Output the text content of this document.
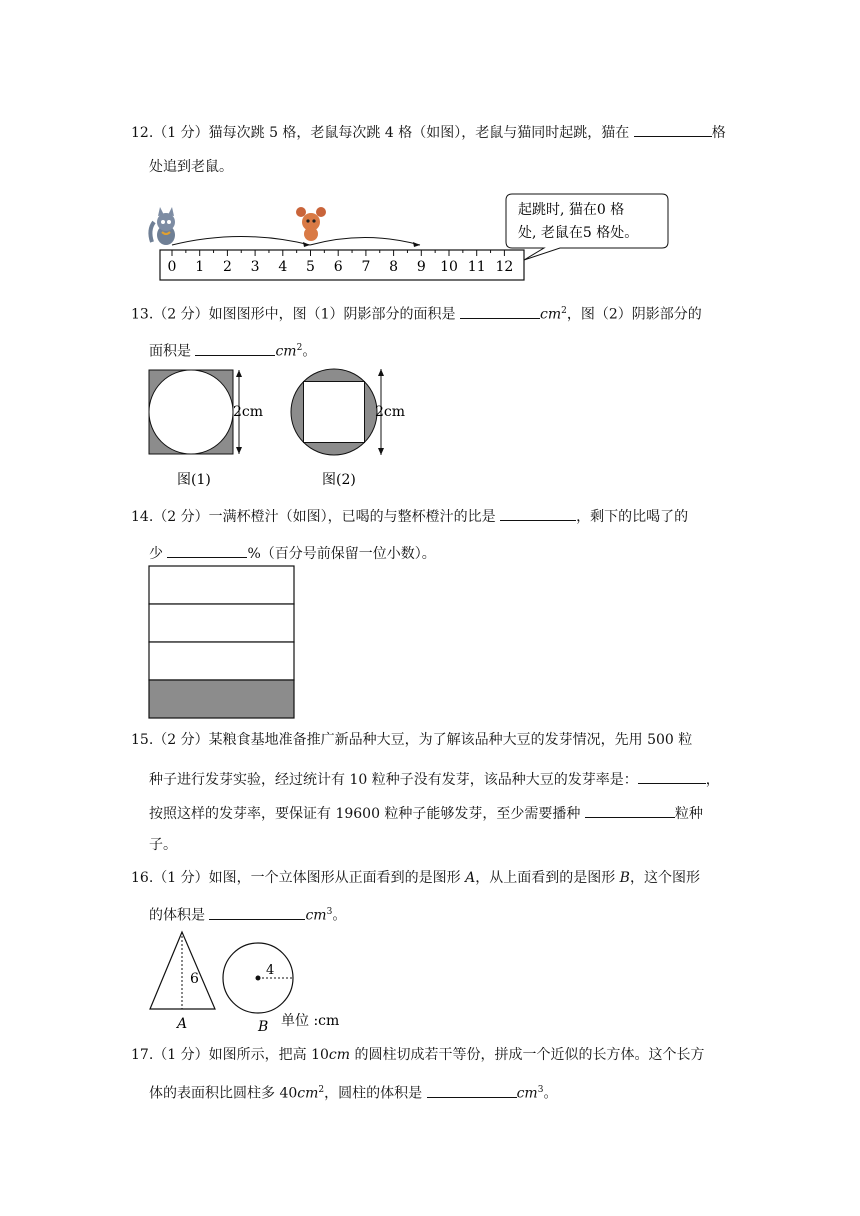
12.（1 分）猫每次跳 5 格，老鼠每次跳 4 格（如图），老鼠与猫同时起跳，猫在	格
处追到老鼠。
0 1 2 3 4 5 6 7 8 9 10 11 12
起跳时, 猫在0 格
处, 老鼠在5 格处。
13.（2 分）如图图形中，图（1）阴影部分的面积是	$cm^2$，图（2）阴影部分的
面积是	$cm^2$。
2cm
图(1)
2cm
图(2)
14.（2 分）一满杯橙汁（如图），已喝的与整杯橙汁的比是	，剩下的比喝了的
少	%（百分号前保留一位小数）。
15.（2 分）某粮食基地准备推广新品种大豆，为了解该品种大豆的发芽情况，先用 500 粒
种子进行发芽实验，经过统计有 10 粒种子没有发芽，该品种大豆的发芽率是：	，
按照这样的发芽率，要保证有 19600 粒种子能够发芽，至少需要播种	粒种
子。
16.（1 分）如图，一个立体图形从正面看到的是图形 A，从上面看到的是图形 B，这个图形
的体积是	$cm^3$。
6
A
4
B 单位 :cm
17.（1 分）如图所示，把高 10cm 的圆柱切成若干等份，拼成一个近似的长方体。这个长方
体的表面积比圆柱多 $40cm^2$，圆柱的体积是	$cm^3$。
